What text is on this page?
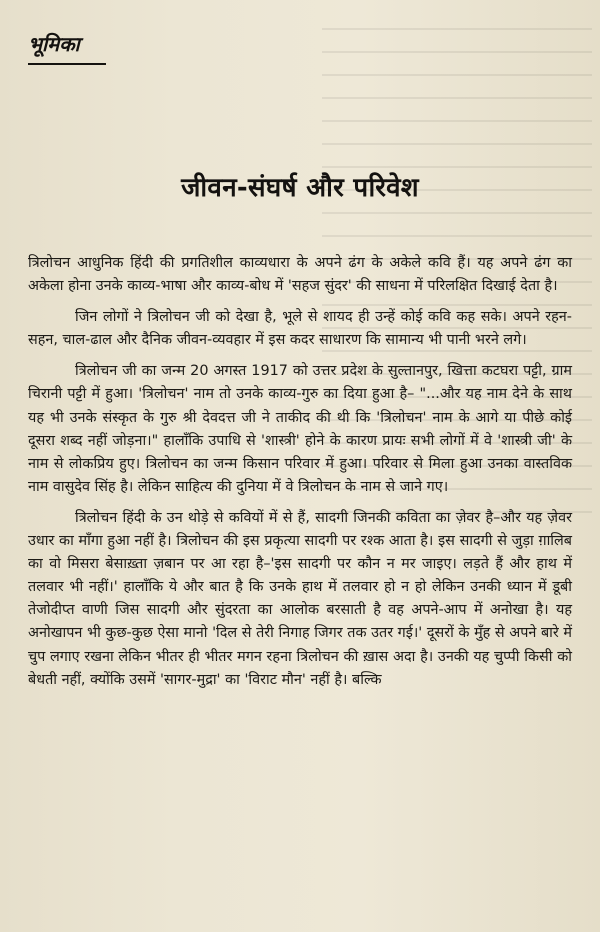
भूमिका
जीवन-संघर्ष और परिवेश

त्रिलोचन आधुनिक हिंदी की प्रगतिशील काव्यधारा के अपने ढंग के अकेले कवि हैं। यह अपने ढंग का अकेला होना उनके काव्य-भाषा और काव्य-बोध में 'सहज सुंदर' की साधना में परिलक्षित दिखाई देता है।

जिन लोगों ने त्रिलोचन जी को देखा है, भूले से शायद ही उन्हें कोई कवि कह सके। अपने रहन-सहन, चाल-ढाल और दैनिक जीवन-व्यवहार में इस कदर साधारण कि सामान्य भी पानी भरने लगे।

त्रिलोचन जी का जन्म 20 अगस्त 1917 को उत्तर प्रदेश के सुल्तानपुर, खित्ता कटघरा पट्टी, ग्राम चिरानी पट्टी में हुआ। 'त्रिलोचन' नाम तो उनके काव्य-गुरु का दिया हुआ है– "...और यह नाम देने के साथ यह भी उनके संस्कृत के गुरु श्री देवदत्त जी ने ताकीद की थी कि 'त्रिलोचन' नाम के आगे या पीछे कोई दूसरा शब्द नहीं जोड़ना।" हालाँकि उपाधि से 'शास्त्री' होने के कारण प्रायः सभी लोगों में वे 'शास्त्री जी' के नाम से लोकप्रिय हुए। त्रिलोचन का जन्म किसान परिवार में हुआ। परिवार से मिला हुआ उनका वास्तविक नाम वासुदेव सिंह है। लेकिन साहित्य की दुनिया में वे त्रिलोचन के नाम से जाने गए।

त्रिलोचन हिंदी के उन थोड़े से कवियों में से हैं, सादगी जिनकी कविता का ज़ेवर है–और यह ज़ेवर उधार का माँगा हुआ नहीं है। त्रिलोचन की इस प्रकृत्या सादगी पर रश्क आता है। इस सादगी से जुड़ा ग़ालिब का वो मिसरा बेसाख़्ता ज़बान पर आ रहा है–'इस सादगी पर कौन न मर जाइए। लड़ते हैं और हाथ में तलवार भी नहीं।' हालाँकि ये और बात है कि उनके हाथ में तलवार हो न हो लेकिन उनकी ध्यान में डूबी तेजोदीप्त वाणी जिस सादगी और सुंदरता का आलोक बरसाती है वह अपने-आप में अनोखा है। यह अनोखापन भी कुछ-कुछ ऐसा मानो 'दिल से तेरी निगाह जिगर तक उतर गई।' दूसरों के मुँह से अपने बारे में चुप लगाए रखना लेकिन भीतर ही भीतर मगन रहना त्रिलोचन की ख़ास अदा है। उनकी यह चुप्पी किसी को बेधती नहीं, क्योंकि उसमें 'सागर-मुद्रा' का 'विराट मौन' नहीं है। बल्कि
